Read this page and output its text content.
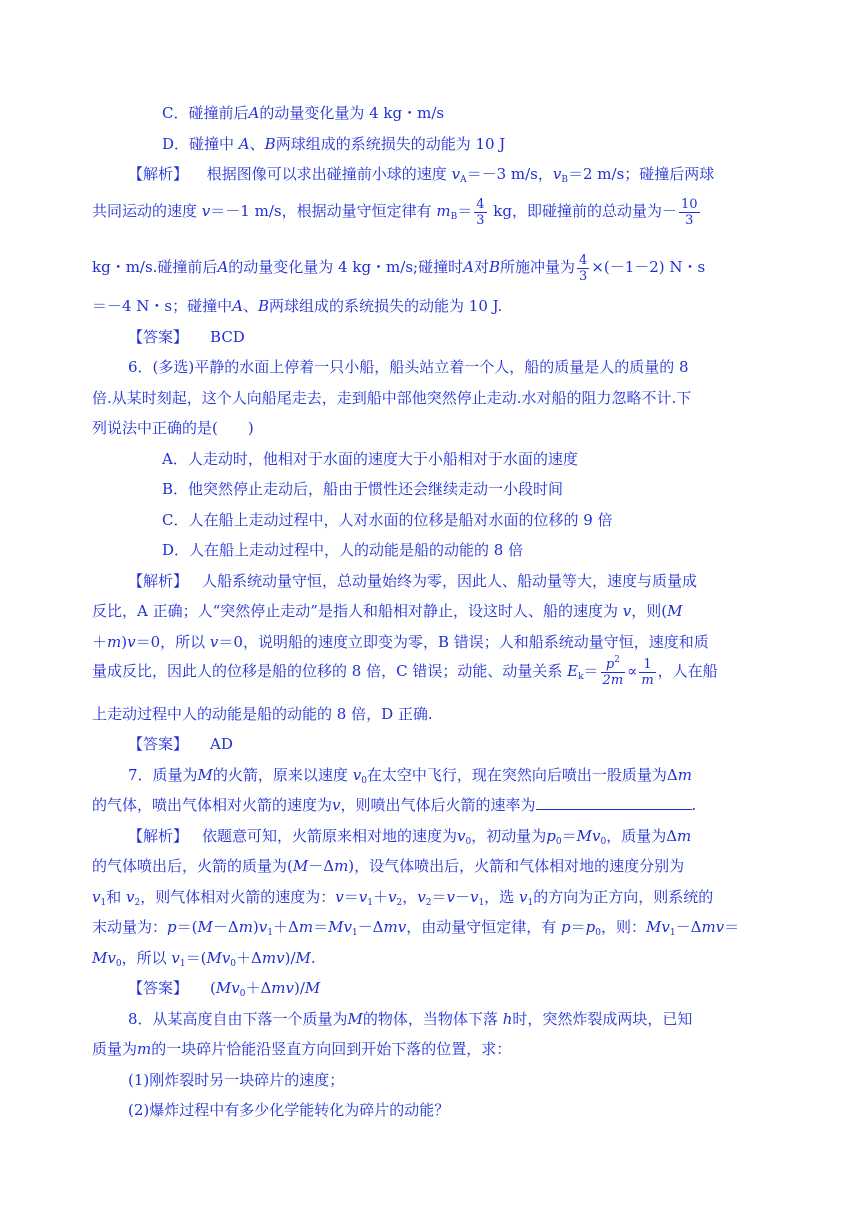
C．碰撞前后A的动量变化量为 4 kg・m/s
D．碰撞中 A、B两球组成的系统损失的动能为 10 J
【解析】 根据图像可以求出碰撞前小球的速度 $v_A=-3$ m/s，$v_B=2$ m/s；碰撞后两球
共同运动的速度 v＝－1 m/s，根据动量守恒定律有 $m_B= \frac{4}{3}$ kg，即碰撞前的总动量为－ $\frac{10}{3}$
kg・m/s.碰撞前后A的动量变化量为 4 kg・m/s;碰撞时A对B所施冲量为 $\frac{4}{3} \times(-1-2)$ N・s
＝－4 N・s；碰撞中A、B两球组成的系统损失的动能为 10 J.
【答案】 BCD
6．(多选)平静的水面上停着一只小船，船头站立着一个人，船的质量是人的质量的 8
倍.从某时刻起，这个人向船尾走去，走到船中部他突然停止走动.水对船的阻力忽略不计.下
列说法中正确的是(　　)
A．人走动时，他相对于水面的速度大于小船相对于水面的速度
B．他突然停止走动后，船由于惯性还会继续走动一小段时间
C．人在船上走动过程中，人对水面的位移是船对水面的位移的 9 倍
D．人在船上走动过程中，人的动能是船的动能的 8 倍
【解析】 人船系统动量守恒，总动量始终为零，因此人、船动量等大，速度与质量成
反比，A 正确；人“突然停止走动”是指人和船相对静止，设这时人、船的速度为 v，则(M
＋m)v＝0，所以 v＝0，说明船的速度立即变为零，B 错误；人和船系统动量守恒，速度和质
量成反比，因此人的位移是船的位移的 8 倍，C 错误；动能、动量关系 $E_k= \frac{p^2}{2m} \propto \frac{1}{m}$ ，人在船
上走动过程中人的动能是船的动能的 8 倍，D 正确.
【答案】 AD
7．质量为M的火箭，原来以速度 $v_0$在太空中飞行，现在突然向后喷出一股质量为Δm
的气体，喷出气体相对火箭的速度为v，则喷出气体后火箭的速率为	.
【解析】 依题意可知，火箭原来相对地的速度为$v_0$，初动量为$p_0=Mv_0$，质量为Δm
的气体喷出后，火箭的质量为(M－Δm)，设气体喷出后，火箭和气体相对地的速度分别为
$v_1$和 $v_2$，则气体相对火箭的速度为：$v=v_1+v_2$，$v_2=v-v_1$，选 $v_1$的方向为正方向，则系统的
末动量为：$p=(M-\Delta m)v_1+\Delta m=Mv_1-\Delta mv$，由动量守恒定律，有 $p=p_0$，则：$Mv_1-\Delta mv=$
$Mv_0$，所以 $v_1=(Mv_0+\Delta mv)/M$.
【答案】 $(Mv_0+\Delta mv)/M$
8．从某高度自由下落一个质量为M的物体，当物体下落 h时，突然炸裂成两块，已知
质量为m的一块碎片恰能沿竖直方向回到开始下落的位置，求：
(1)刚炸裂时另一块碎片的速度；
(2)爆炸过程中有多少化学能转化为碎片的动能？
